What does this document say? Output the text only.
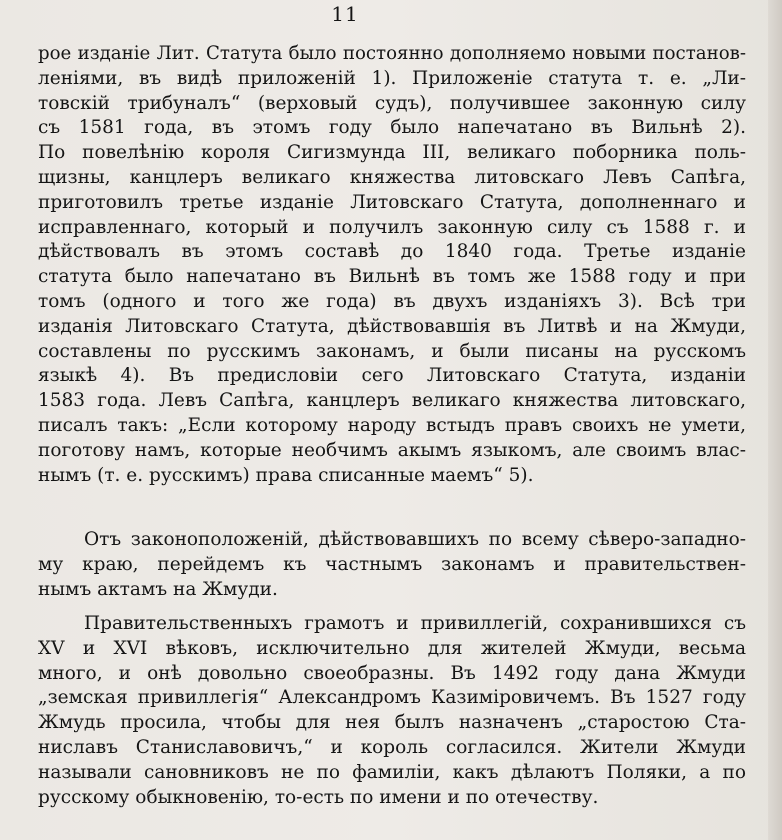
11
рое изданіе Лит. Статута было постоянно дополняемо новыми постанов-
леніями, въ видѣ приложеній 1). Приложеніе статута т. е. „Ли-
товскій трибуналъ“ (верховый судъ), получившее законную силу
съ 1581 года, въ этомъ году было напечатано въ Вильнѣ 2).
По повелѣнію короля Сигизмунда III, великаго поборника поль-
щизны, канцлеръ великаго княжества литовскаго Левъ Сапѣга,
приготовилъ третье изданіе Литовскаго Статута, дополненнаго и
исправленнаго, который и получилъ законную силу съ 1588 г. и
дѣйствовалъ въ этомъ составѣ до 1840 года. Третье изданіе
статута было напечатано въ Вильнѣ въ томъ же 1588 году и при
томъ (одного и того же года) въ двухъ изданіяхъ 3). Всѣ три
изданія Литовскаго Статута, дѣйствовавшія въ Литвѣ и на Жмуди,
составлены по русскимъ законамъ, и были писаны на русскомъ
языкѣ 4). Въ предисловіи сего Литовскаго Статута, изданіи
1583 года. Левъ Сапѣга, канцлеръ великаго княжества литовскаго,
писалъ такъ: „Если которому народу встыдъ правъ своихъ не умети,
поготову намъ, которые необчимъ акымъ языкомъ, але своимъ влас-
нымъ (т. е. русскимъ) права списанные маемъ“ 5).
Отъ законоположеній, дѣйствовавшихъ по всему сѣверо-западно-
му краю, перейдемъ къ частнымъ законамъ и правительствен-
нымъ актамъ на Жмуди.
Правительственныхъ грамотъ и привиллегій, сохранившихся съ
XV и XVI вѣковъ, исключительно для жителей Жмуди, весьма
много, и онѣ довольно своеобразны. Въ 1492 году дана Жмуди
„земская привиллегія“ Александромъ Казиміровичемъ. Въ 1527 году
Жмудь просила, чтобы для нея былъ назначенъ „старостою Ста-
ниславъ Станиславовичъ,“ и король согласился. Жители Жмуди
называли сановниковъ не по фамиліи, какъ дѣлаютъ Поляки, а по
русскому обыкновенію, то-есть по имени и по отечеству.
